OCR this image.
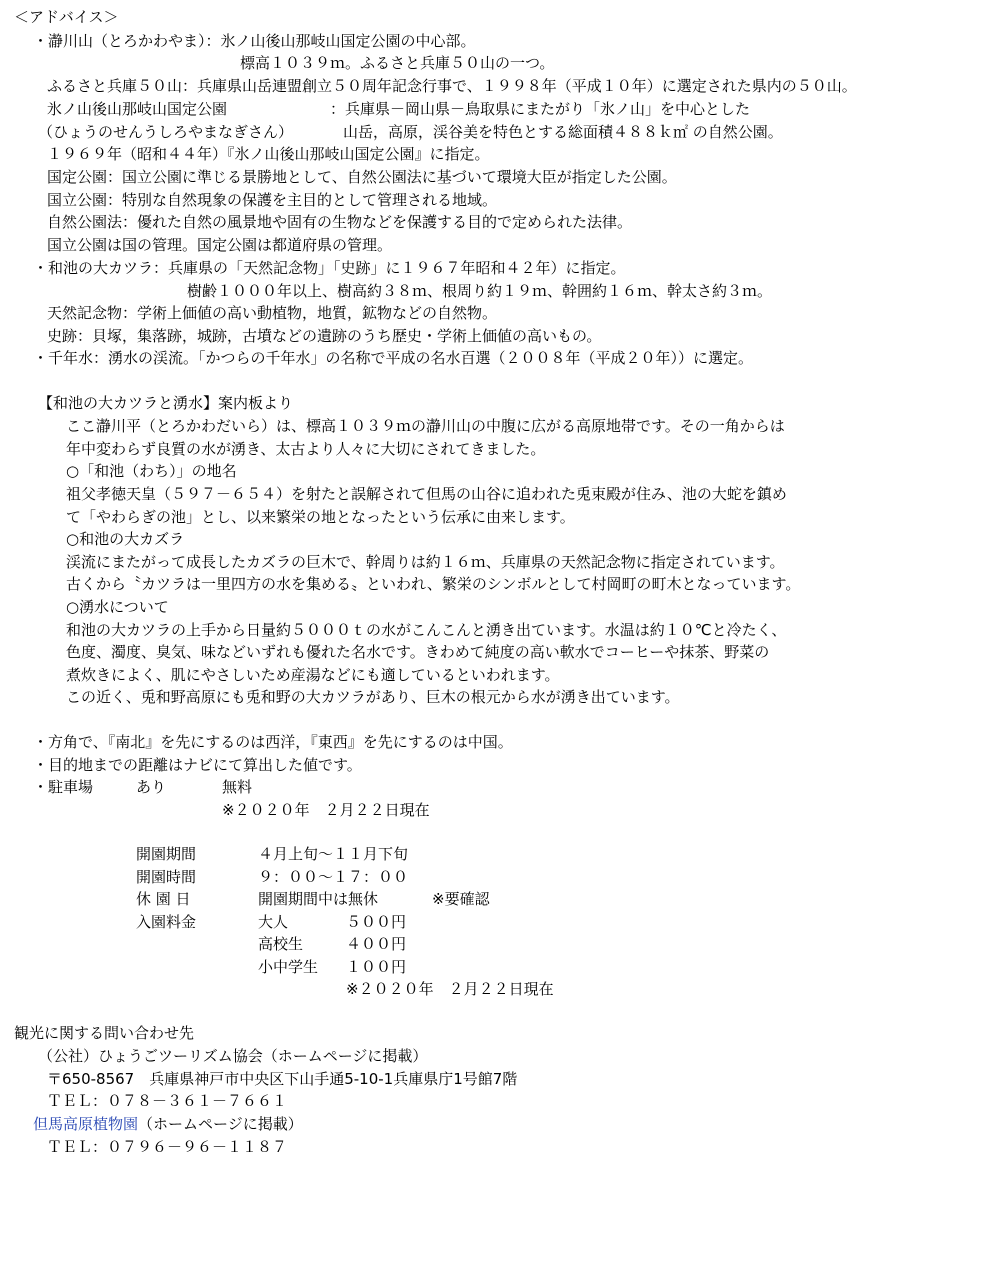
＜アドバイス＞
・瀞川山（とろかわやま）：氷ノ山後山那岐山国定公園の中心部。
標高１０３９ｍ。ふるさと兵庫５０山の一つ。
ふるさと兵庫５０山：兵庫県山岳連盟創立５０周年記念行事で、１９９８年（平成１０年）に選定された県内の５０山。
氷ノ山後山那岐山国定公園	：兵庫県－岡山県－鳥取県にまたがり「氷ノ山」を中心とした
（ひょうのせんうしろやまなぎさん）	山岳，高原，渓谷美を特色とする総面積４８８ｋ㎡ の自然公園。
１９６９年（昭和４４年）『氷ノ山後山那岐山国定公園』に指定。
国定公園：国立公園に準じる景勝地として、自然公園法に基づいて環境大臣が指定した公園。
国立公園：特別な自然現象の保護を主目的として管理される地域。
自然公園法：優れた自然の風景地や固有の生物などを保護する目的で定められた法律。
国立公園は国の管理。国定公園は都道府県の管理。
・和池の大カツラ：兵庫県の「天然記念物」「史跡」に１９６７年昭和４２年）に指定。
樹齢１０００年以上、樹高約３８ｍ、根周り約１９ｍ、幹囲約１６ｍ、幹太さ約３ｍ。
天然記念物：学術上価値の高い動植物，地質，鉱物などの自然物。
史跡：貝塚，集落跡，城跡，古墳などの遺跡のうち歴史・学術上価値の高いもの。
・千年水：湧水の渓流。「かつらの千年水」の名称で平成の名水百選（２００８年（平成２０年））に選定。
【和池の大カツラと湧水】案内板より
ここ瀞川平（とろかわだいら）は、標高１０３９ｍの瀞川山の中腹に広がる高原地帯です。その一角からは
年中変わらず良質の水が湧き、太古より人々に大切にされてきました。
○「和池（わち）」の地名
祖父孝徳天皇（５９７－６５４）を射たと誤解されて但馬の山谷に追われた兎束殿が住み、池の大蛇を鎮め
て「やわらぎの池」とし、以来繁栄の地となったという伝承に由来します。
○和池の大カズラ
渓流にまたがって成長したカズラの巨木で、幹周りは約１６ｍ、兵庫県の天然記念物に指定されています。
古くから〝カツラは一里四方の水を集める〟といわれ、繁栄のシンボルとして村岡町の町木となっています。
○湧水について
和池の大カツラの上手から日量約５０００ｔの水がこんこんと湧き出ています。水温は約１０℃と冷たく、
色度、濁度、臭気、味などいずれも優れた名水です。きわめて純度の高い軟水でコーヒーや抹茶、野菜の
煮炊きによく、肌にやさしいため産湯などにも適しているといわれます。
この近く、兎和野高原にも兎和野の大カツラがあり、巨木の根元から水が湧き出ています。
・方角で、『南北』を先にするのは西洋，『東西』を先にするのは中国。
・目的地までの距離はナビにて算出した値です。
・駐車場	あり	無料
※２０２０年　２月２２日現在
開園期間	４月上旬～１１月下旬
開園時間	９：００～１７：００
休 園 日	開園期間中は無休	※要確認
入園料金	大人	５００円
高校生	４００円
小中学生 １００円
※２０２０年　２月２２日現在
観光に関する問い合わせ先
（公社）ひょうごツーリズム協会（ホームページに掲載）
〒650-8567　兵庫県神戸市中央区下山手通5-10-1兵庫県庁1号館7階
ＴＥＬ：０７８－３６１－７６６１
但馬高原植物園（ホームページに掲載）
ＴＥＬ：０７９６－９６－１１８７
